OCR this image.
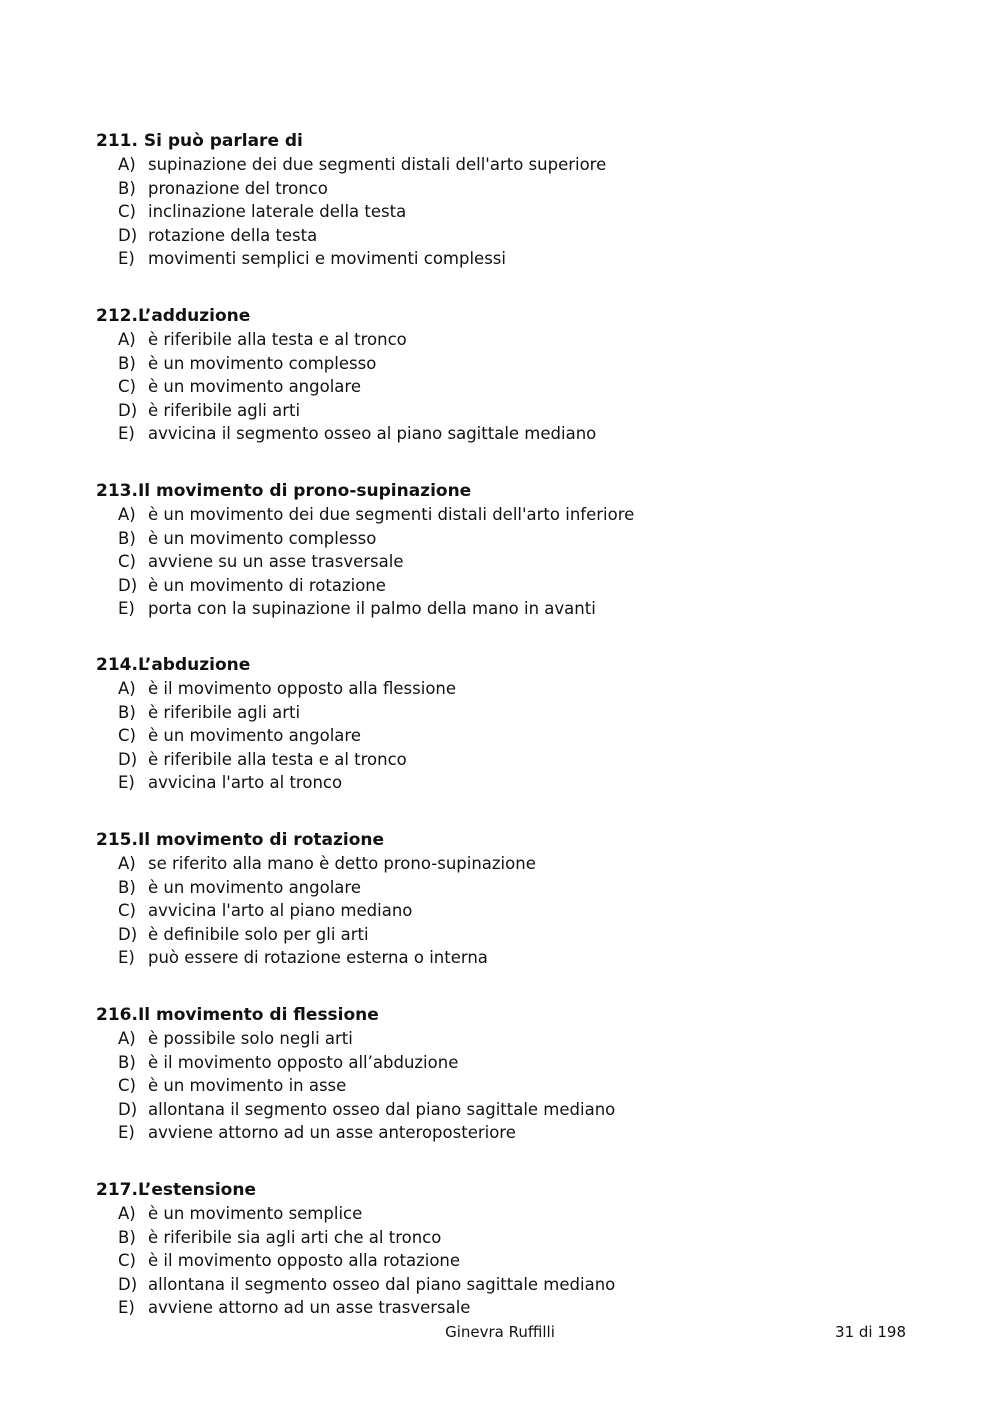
211. Si può parlare di
A) supinazione dei due segmenti distali dell'arto superiore
B) pronazione del tronco
C) inclinazione laterale della testa
D) rotazione della testa
E) movimenti semplici e movimenti complessi
212.L’adduzione
A) è riferibile alla testa e al tronco
B) è un movimento complesso
C) è un movimento angolare
D) è riferibile agli arti
E) avvicina il segmento osseo al piano sagittale mediano
213.Il movimento di prono-supinazione
A) è un movimento dei due segmenti distali dell'arto inferiore
B) è un movimento complesso
C) avviene su un asse trasversale
D) è un movimento di rotazione
E) porta con la supinazione il palmo della mano in avanti
214.L’abduzione
A) è il movimento opposto alla flessione
B) è riferibile agli arti
C) è un movimento angolare
D) è riferibile alla testa e al tronco
E) avvicina l'arto al tronco
215.Il movimento di rotazione
A) se riferito alla mano è detto prono-supinazione
B) è un movimento angolare
C) avvicina l'arto al piano mediano
D) è definibile solo per gli arti
E) può essere di rotazione esterna o interna
216.Il movimento di flessione
A) è possibile solo negli arti
B) è il movimento opposto all’abduzione
C) è un movimento in asse
D) allontana il segmento osseo dal piano sagittale mediano
E) avviene attorno ad un asse anteroposteriore
217.L’estensione
A) è un movimento semplice
B) è riferibile sia agli arti che al tronco
C) è il movimento opposto alla rotazione
D) allontana il segmento osseo dal piano sagittale mediano
E) avviene attorno ad un asse trasversale
Ginevra Ruffilli	31 di 198
